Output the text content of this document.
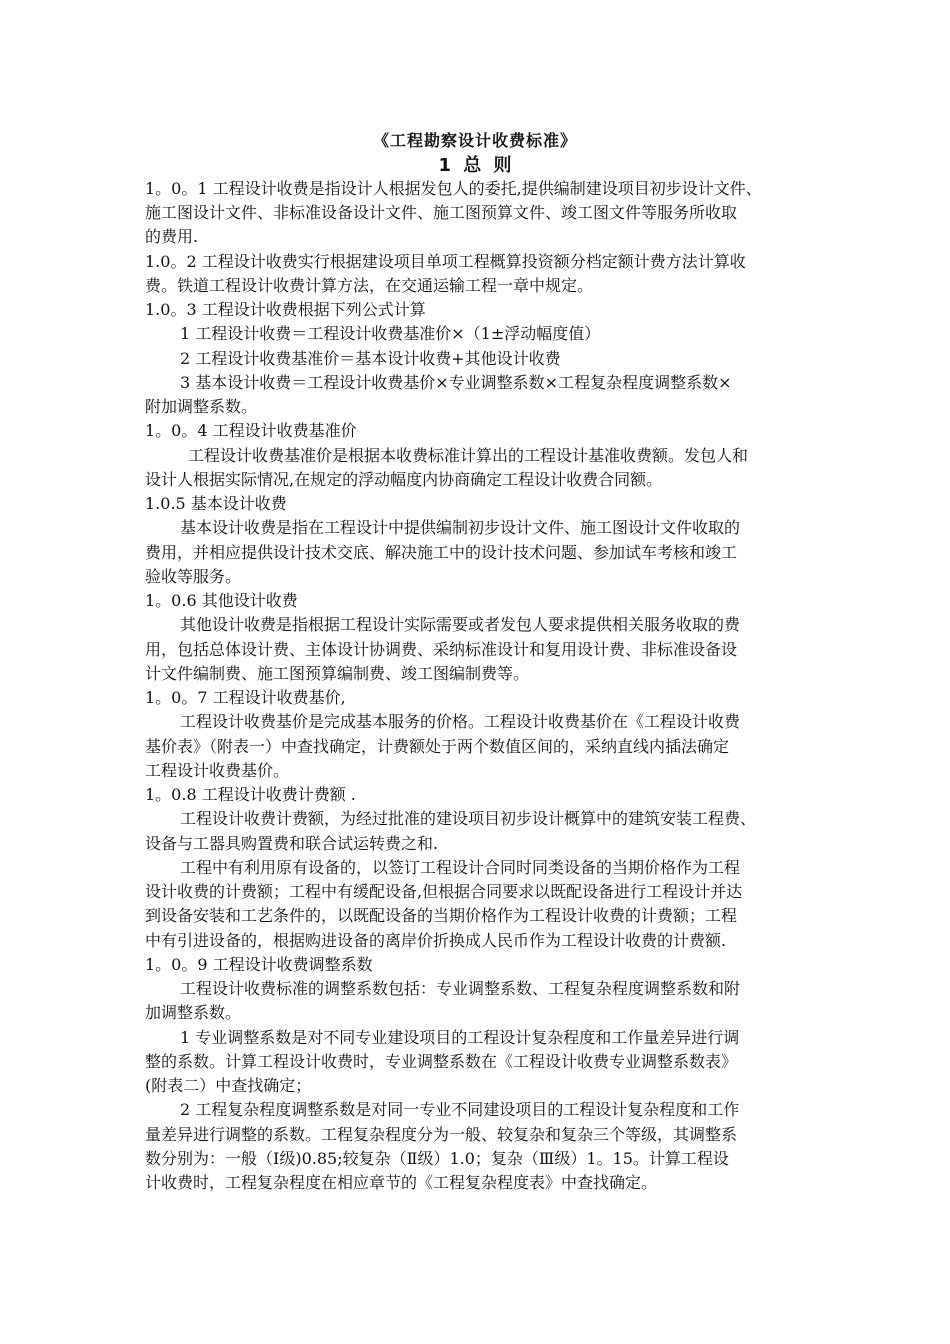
《工程勘察设计收费标准》
1 总 则
1。0。1 工程设计收费是指设计人根据发包人的委托,提供编制建设项目初步设计文件、
施工图设计文件、非标准设备设计文件、施工图预算文件、竣工图文件等服务所收取
的费用.
1.0。2 工程设计收费实行根据建设项目单项工程概算投资额分档定额计费方法计算收
费。铁道工程设计收费计算方法，在交通运输工程一章中规定。
1.0。3 工程设计收费根据下列公式计算
1 工程设计收费＝工程设计收费基准价×（1±浮动幅度值）
2 工程设计收费基准价＝基本设计收费+其他设计收费
3 基本设计收费＝工程设计收费基价×专业调整系数×工程复杂程度调整系数×
附加调整系数。
1。0。4 工程设计收费基准价
工程设计收费基准价是根据本收费标准计算出的工程设计基准收费额。发包人和
设计人根据实际情况,在规定的浮动幅度内协商确定工程设计收费合同额。
1.0.5 基本设计收费
基本设计收费是指在工程设计中提供编制初步设计文件、施工图设计文件收取的
费用，并相应提供设计技术交底、解决施工中的设计技术问题、参加试车考核和竣工
验收等服务。
1。0.6 其他设计收费
其他设计收费是指根据工程设计实际需要或者发包人要求提供相关服务收取的费
用，包括总体设计费、主体设计协调费、采纳标准设计和复用设计费、非标准设备设
计文件编制费、施工图预算编制费、竣工图编制费等。
1。0。7 工程设计收费基价,
工程设计收费基价是完成基本服务的价格。工程设计收费基价在《工程设计收费
基价表》（附表一）中查找确定，计费额处于两个数值区间的，采纳直线内插法确定
工程设计收费基价。
1。0.8 工程设计收费计费额 .
工程设计收费计费额，为经过批准的建设项目初步设计概算中的建筑安装工程费、
设备与工器具购置费和联合试运转费之和.
工程中有利用原有设备的，以签订工程设计合同时同类设备的当期价格作为工程
设计收费的计费额；工程中有缓配设备,但根据合同要求以既配设备进行工程设计并达
到设备安装和工艺条件的，以既配设备的当期价格作为工程设计收费的计费额；工程
中有引进设备的，根据购进设备的离岸价折换成人民币作为工程设计收费的计费额.
1。0。9 工程设计收费调整系数
工程设计收费标准的调整系数包括：专业调整系数、工程复杂程度调整系数和附
加调整系数。
1 专业调整系数是对不同专业建设项目的工程设计复杂程度和工作量差异进行调
整的系数。计算工程设计收费时，专业调整系数在《工程设计收费专业调整系数表》
(附表二）中查找确定；
2 工程复杂程度调整系数是对同一专业不同建设项目的工程设计复杂程度和工作
量差异进行调整的系数。工程复杂程度分为一般、较复杂和复杂三个等级，其调整系
数分别为：一般（Ⅰ级)0.85;较复杂（Ⅱ级）1.0；复杂（Ⅲ级）1。15。计算工程设
计收费时，工程复杂程度在相应章节的《工程复杂程度表》中查找确定。
